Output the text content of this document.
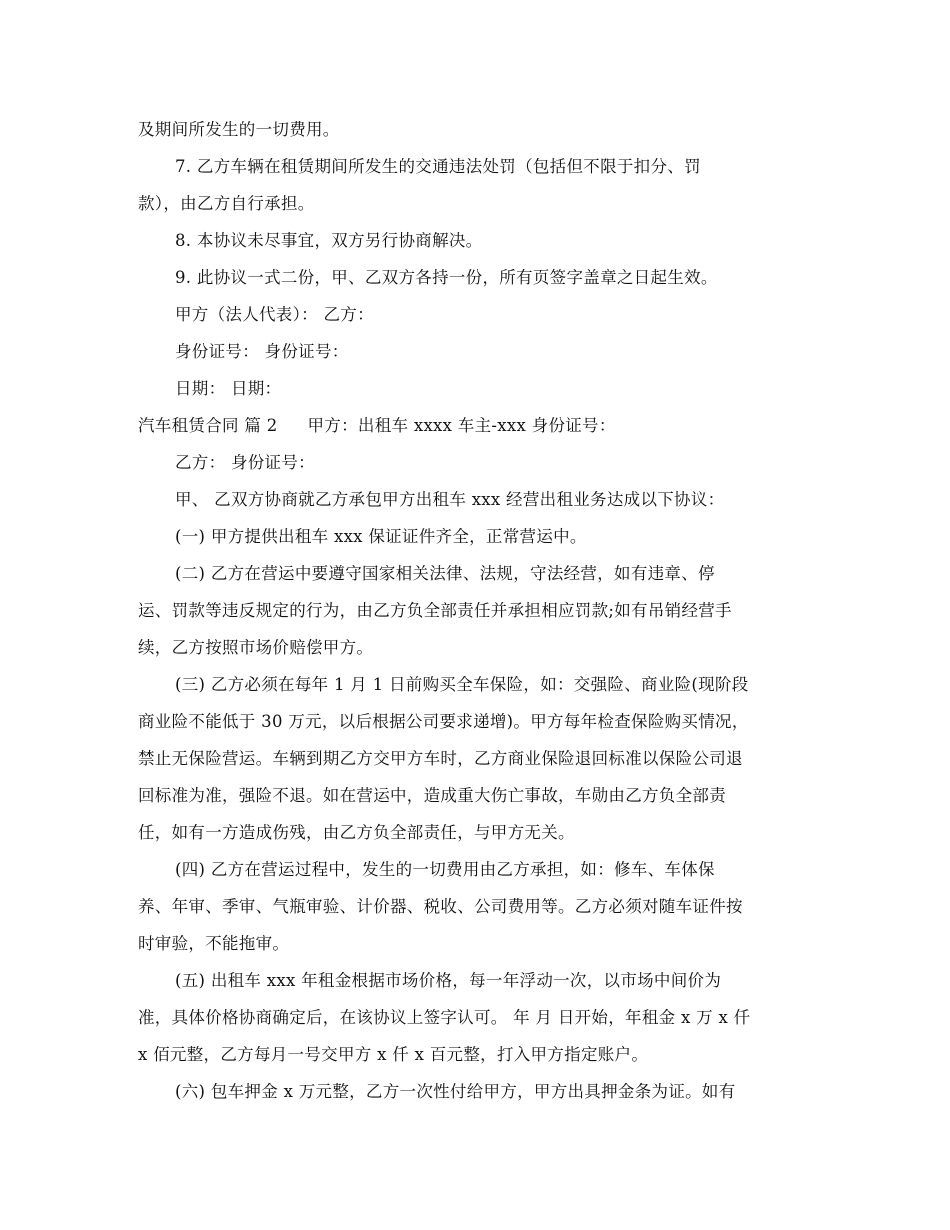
及期间所发生的一切费用。
7. 乙方车辆在租赁期间所发生的交通违法处罚（包括但不限于扣分、罚
款），由乙方自行承担。
8. 本协议未尽事宜，双方另行协商解决。
9. 此协议一式二份，甲、乙双方各持一份，所有页签字盖章之日起生效。
甲方（法人代表）： 乙方：
身份证号： 身份证号：
日期： 日期：
汽车租赁合同 篇 2 甲方：出租车 xxxx 车主-xxx 身份证号：
乙方： 身份证号：
甲、 乙双方协商就乙方承包甲方出租车 xxx 经营出租业务达成以下协议：
(一) 甲方提供出租车 xxx 保证证件齐全，正常营运中。
(二) 乙方在营运中要遵守国家相关法律、法规，守法经营，如有违章、停
运、罚款等违反规定的行为，由乙方负全部责任并承担相应罚款;如有吊销经营手
续，乙方按照市场价赔偿甲方。
(三) 乙方必须在每年 1 月 1 日前购买全车保险，如：交强险、商业险(现阶段
商业险不能低于 30 万元，以后根据公司要求递增)。甲方每年检查保险购买情况，
禁止无保险营运。车辆到期乙方交甲方车时，乙方商业保险退回标准以保险公司退
回标准为准，强险不退。如在营运中，造成重大伤亡事故，车勋由乙方负全部责
任，如有一方造成伤残，由乙方负全部责任，与甲方无关。
(四) 乙方在营运过程中，发生的一切费用由乙方承担，如：修车、车体保
养、年审、季审、气瓶审验、计价器、税收、公司费用等。乙方必须对随车证件按
时审验，不能拖审。
(五) 出租车 xxx 年租金根据市场价格，每一年浮动一次，以市场中间价为
准，具体价格协商确定后，在该协议上签字认可。 年 月 日开始，年租金 x 万 x 仟
x 佰元整，乙方每月一号交甲方 x 仟 x 百元整，打入甲方指定账户。
(六) 包车押金 x 万元整，乙方一次性付给甲方，甲方出具押金条为证。如有
